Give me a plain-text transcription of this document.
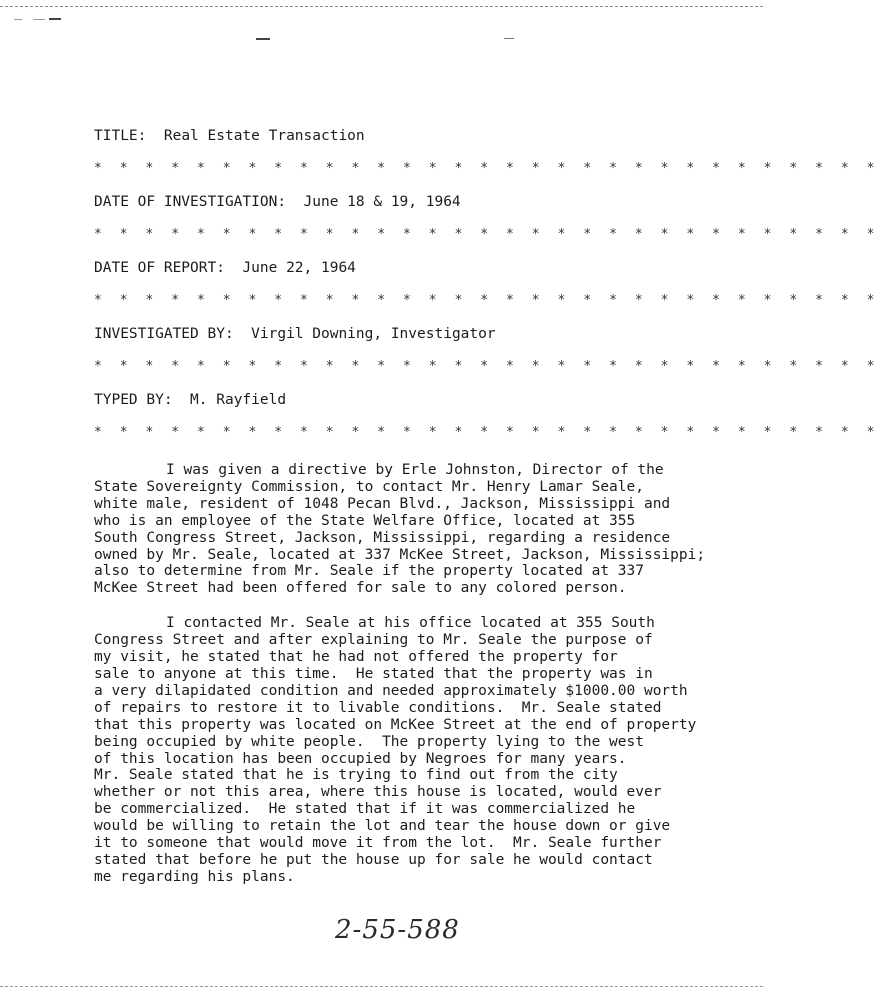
TITLE: Real Estate Transaction
* * * * * * * * * * * * * * * * * * * * * * * * * * * * * * *
DATE OF INVESTIGATION: June 18 & 19, 1964
* * * * * * * * * * * * * * * * * * * * * * * * * * * * * * *
DATE OF REPORT: June 22, 1964
* * * * * * * * * * * * * * * * * * * * * * * * * * * * * * *
INVESTIGATED BY: Virgil Downing, Investigator
* * * * * * * * * * * * * * * * * * * * * * * * * * * * * * *
TYPED BY: M. Rayfield
* * * * * * * * * * * * * * * * * * * * * * * * * * * * * * *
I was given a directive by Erle Johnston, Director of the
State Sovereignty Commission, to contact Mr. Henry Lamar Seale,
white male, resident of 1048 Pecan Blvd., Jackson, Mississippi and
who is an employee of the State Welfare Office, located at 355
South Congress Street, Jackson, Mississippi, regarding a residence
owned by Mr. Seale, located at 337 McKee Street, Jackson, Mississippi;
also to determine from Mr. Seale if the property located at 337
McKee Street had been offered for sale to any colored person.
I contacted Mr. Seale at his office located at 355 South
Congress Street and after explaining to Mr. Seale the purpose of
my visit, he stated that he had not offered the property for
sale to anyone at this time.  He stated that the property was in
a very dilapidated condition and needed approximately $1000.00 worth
of repairs to restore it to livable conditions.  Mr. Seale stated
that this property was located on McKee Street at the end of property
being occupied by white people.  The property lying to the west
of this location has been occupied by Negroes for many years.
Mr. Seale stated that he is trying to find out from the city
whether or not this area, where this house is located, would ever
be commercialized.  He stated that if it was commercialized he
would be willing to retain the lot and tear the house down or give
it to someone that would move it from the lot.  Mr. Seale further
stated that before he put the house up for sale he would contact
me regarding his plans.
2-55-588
